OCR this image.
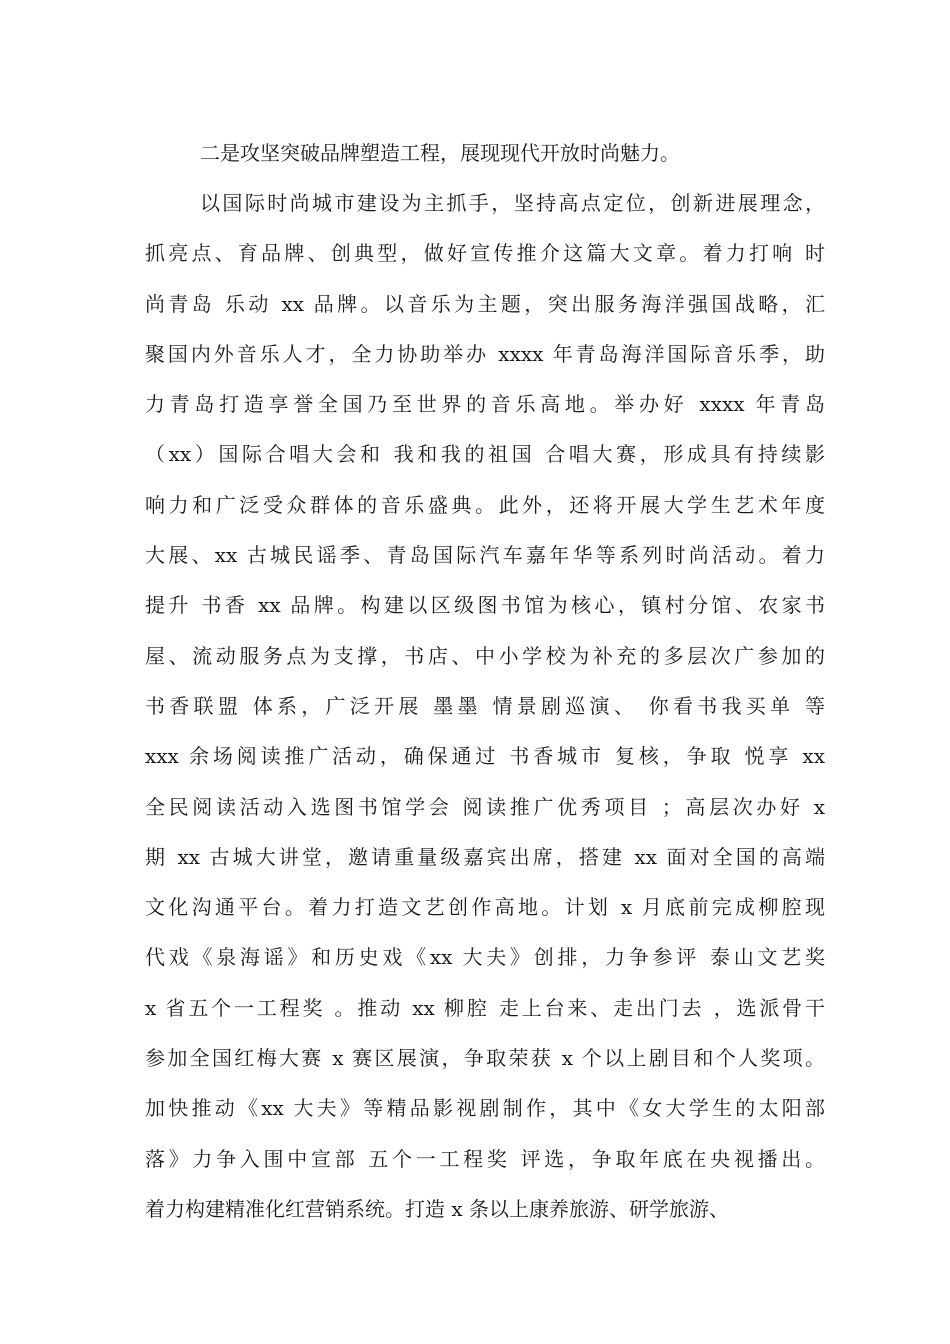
二是攻坚突破品牌塑造工程，展现现代开放时尚魅力。
以国际时尚城市建设为主抓手，坚持高点定位，创新进展理念，
抓亮点、育品牌、创典型，做好宣传推介这篇大文章。着力打响 时
尚青岛 乐动 xx 品牌。以音乐为主题，突出服务海洋强国战略，汇
聚国内外音乐人才，全力协助举办 xxxx 年青岛海洋国际音乐季，助
力青岛打造享誉全国乃至世界的音乐高地。举办好 xxxx 年青岛
（xx）国际合唱大会和 我和我的祖国 合唱大赛，形成具有持续影
响力和广泛受众群体的音乐盛典。此外，还将开展大学生艺术年度
大展、xx 古城民谣季、青岛国际汽车嘉年华等系列时尚活动。着力
提升 书香 xx 品牌。构建以区级图书馆为核心，镇村分馆、农家书
屋、流动服务点为支撑，书店、中小学校为补充的多层次广参加的
书香联盟 体系，广泛开展 墨墨 情景剧巡演、 你看书我买单 等
xxx 余场阅读推广活动，确保通过 书香城市 复核，争取 悦享 xx
全民阅读活动入选图书馆学会 阅读推广优秀项目 ；高层次办好 x
期 xx 古城大讲堂，邀请重量级嘉宾出席，搭建 xx 面对全国的高端
文化沟通平台。着力打造文艺创作高地。计划 x 月底前完成柳腔现
代戏《泉海谣》和历史戏《xx 大夫》创排，力争参评 泰山文艺奖
x 省五个一工程奖 。推动 xx 柳腔 走上台来、走出门去 ，选派骨干
参加全国红梅大赛 x 赛区展演，争取荣获 x 个以上剧目和个人奖项。
加快推动《xx 大夫》等精品影视剧制作，其中《女大学生的太阳部
落》力争入围中宣部 五个一工程奖 评选，争取年底在央视播出。
着力构建精准化红营销系统。打造 x 条以上康养旅游、研学旅游、
